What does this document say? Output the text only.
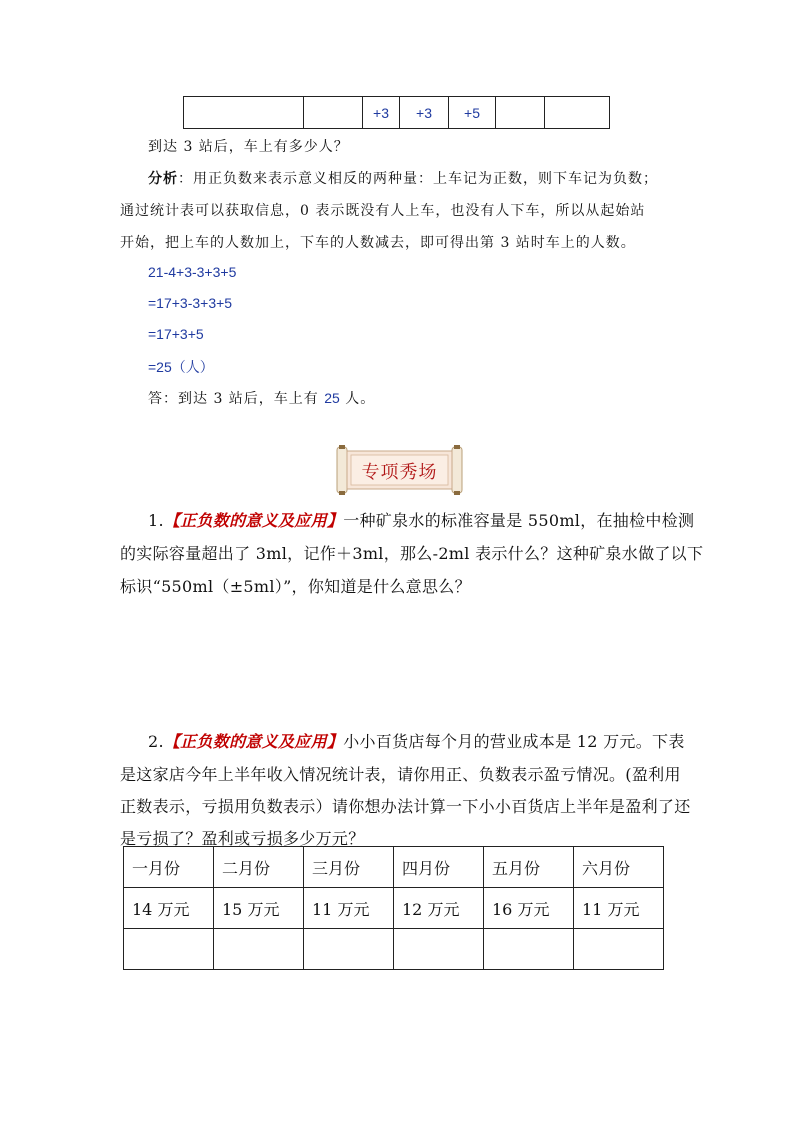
		+3	+3	+5		
到达 3 站后，车上有多少人？
分析：用正负数来表示意义相反的两种量：上车记为正数，则下车记为负数；
通过统计表可以获取信息，0 表示既没有人上车，也没有人下车，所以从起始站
开始，把上车的人数加上，下车的人数减去，即可得出第 3 站时车上的人数。
21-4+3-3+3+5
=17+3-3+3+5
=17+3+5
=25（人）
答：到达 3 站后，车上有 25 人。
专项秀场
1.【正负数的意义及应用】一种矿泉水的标准容量是 550ml，在抽检中检测
的实际容量超出了 3ml，记作＋3ml，那么-2ml 表示什么？这种矿泉水做了以下
标识“550ml（±5ml）”，你知道是什么意思么？
2.【正负数的意义及应用】小小百货店每个月的营业成本是 12 万元。下表
是这家店今年上半年收入情况统计表，请你用正、负数表示盈亏情况。(盈利用
正数表示，亏损用负数表示）请你想办法计算一下小小百货店上半年是盈利了还
是亏损了？盈利或亏损多少万元？
一月份	二月份	三月份	四月份	五月份	六月份
14 万元	15 万元	11 万元	12 万元	16 万元	11 万元
